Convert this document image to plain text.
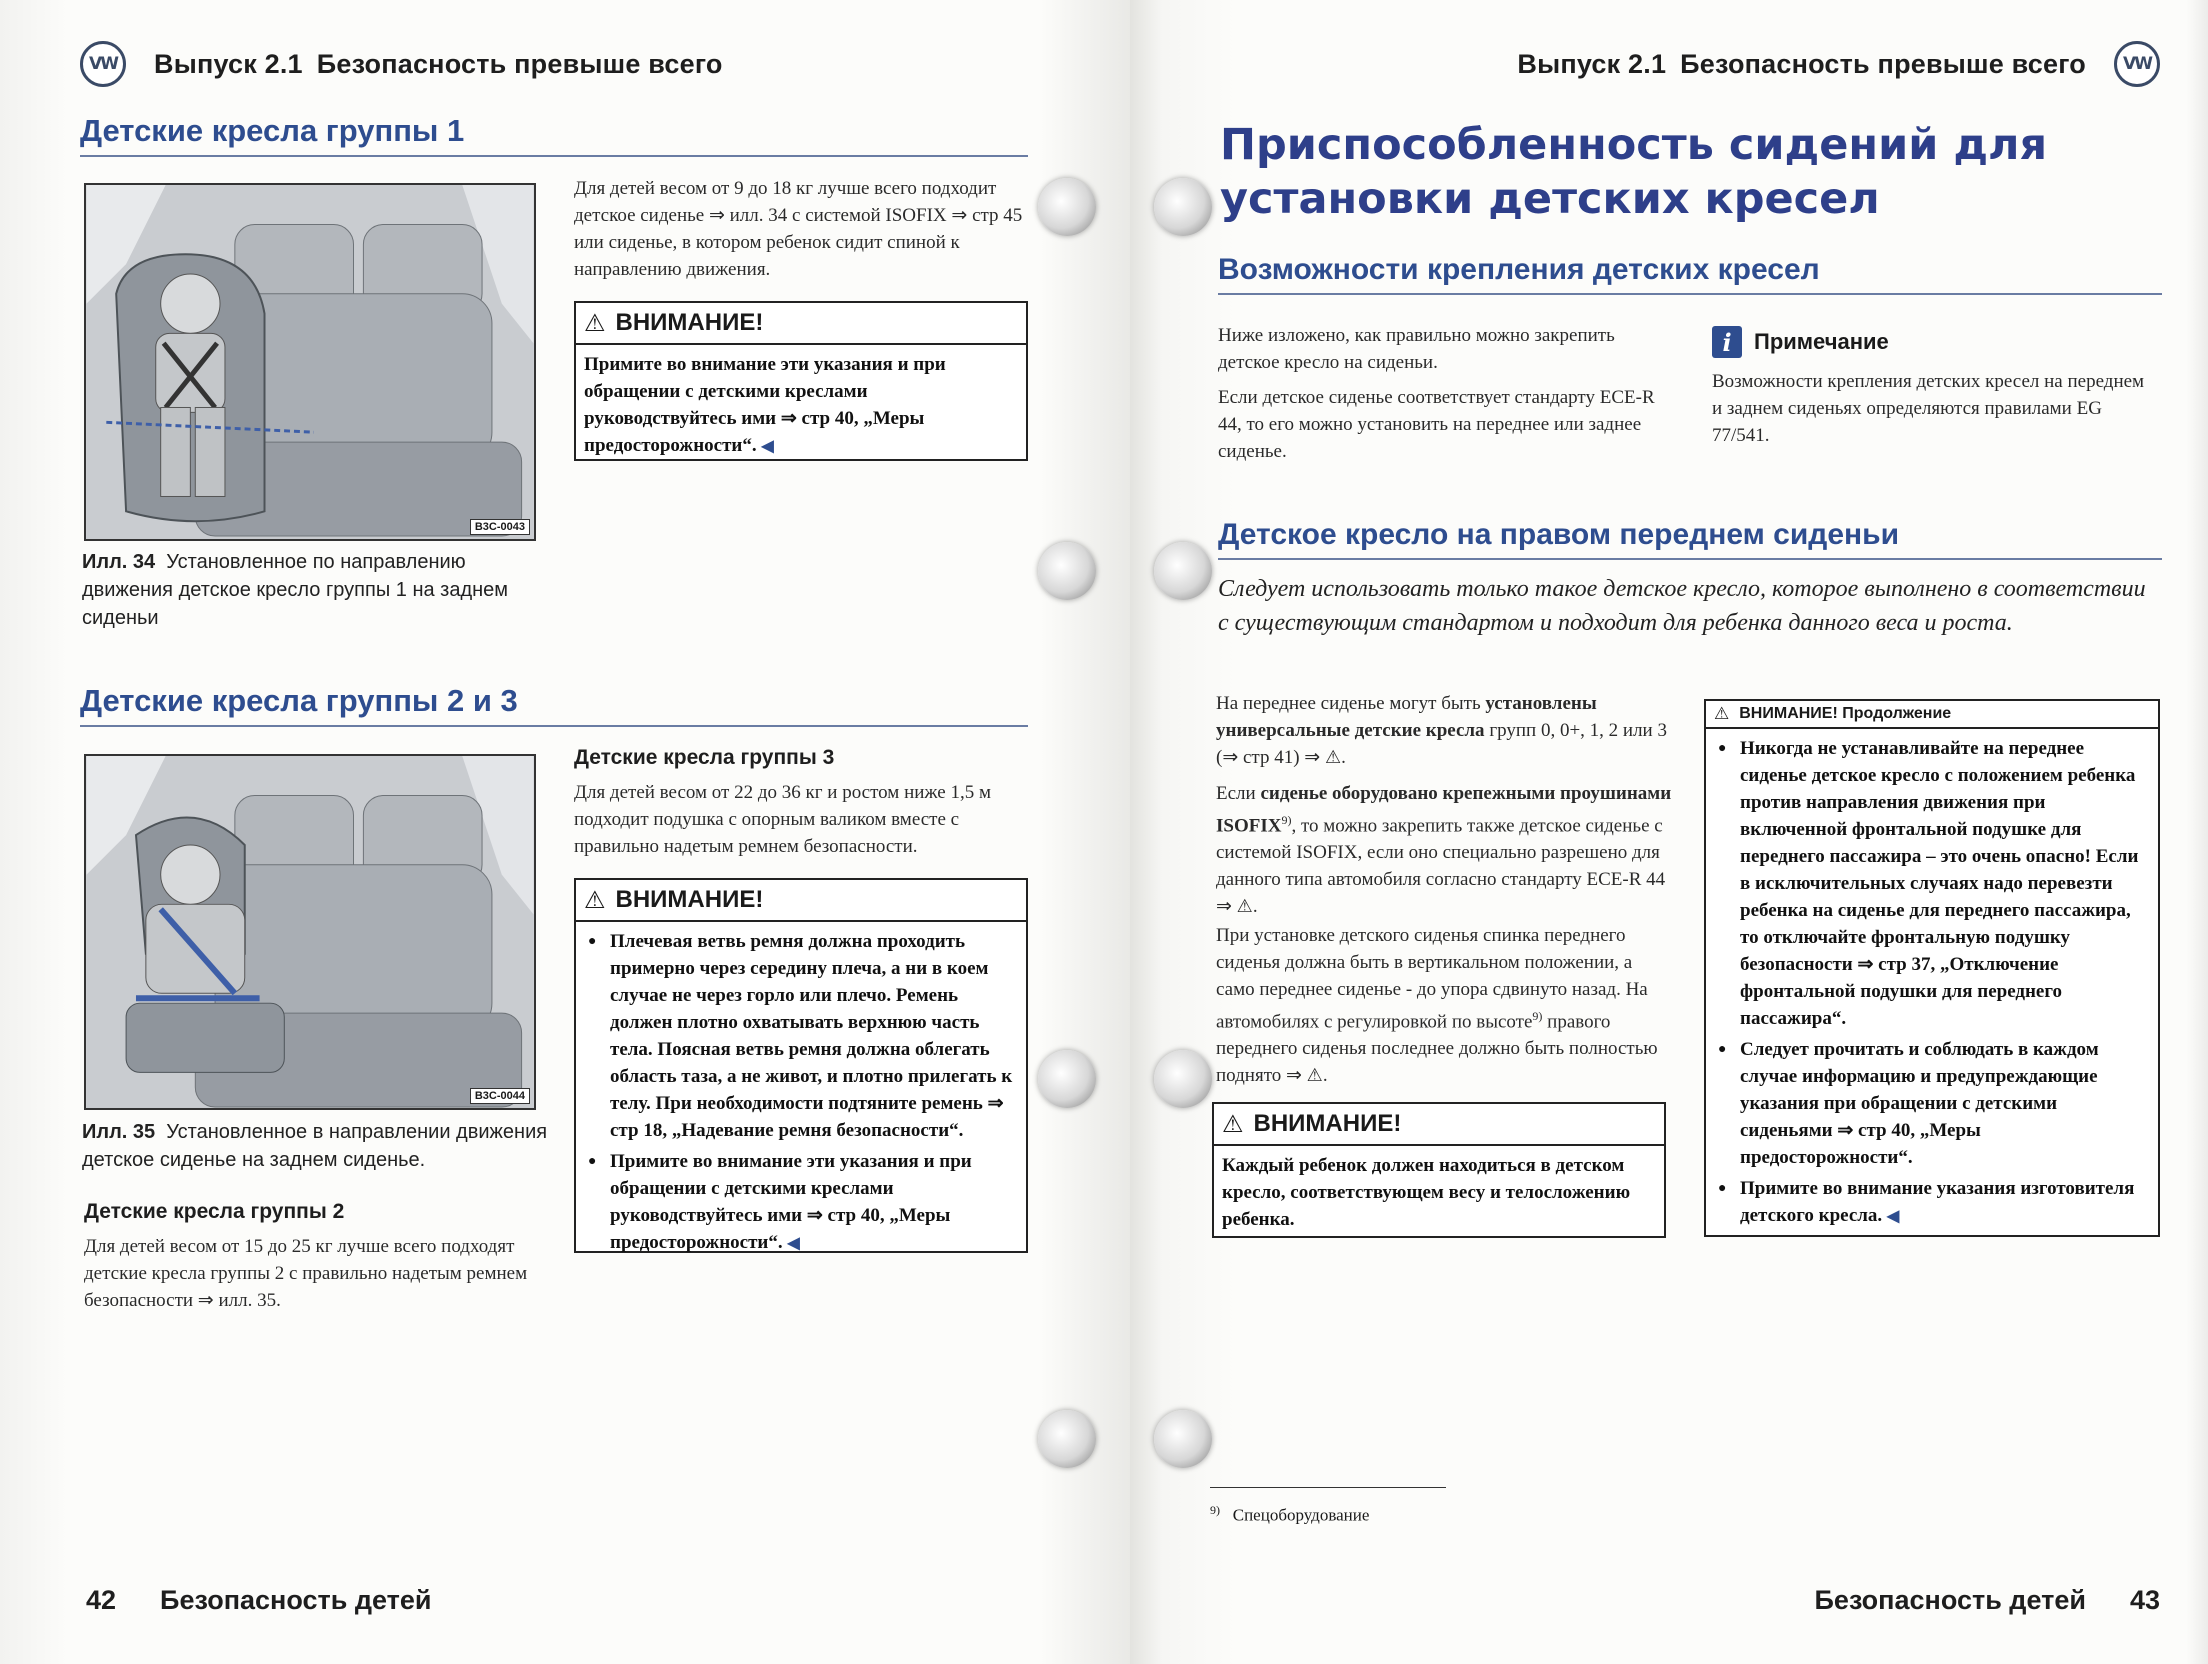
VW
Выпуск 2.1 Безопасность превыше всего
Детские кресла группы 1
B3C-0043
Илл. 34 Установленное по направлению движения детское кресло группы 1 на заднем сиденьи
Для детей весом от 9 до 18 кг лучше всего подходит детское сиденье ⇒ илл. 34 с системой ISOFIX ⇒ стр 45 или сиденье, в котором ребенок сидит спиной к направлению движения.
⚠ ВНИМАНИЕ!
Примите во внимание эти указания и при обращении с детскими креслами руководствуйтесь ими ⇒ стр 40, „Меры предосторожности“. ◀
Детские кресла группы 2 и 3
B3C-0044
Илл. 35 Установленное в направлении движения детское сиденье на заднем сиденье.
Детские кресла группы 2
Для детей весом от 15 до 25 кг лучше всего подходят детские кресла группы 2 с правильно надетым ремнем безопасности ⇒ илл. 35.
Детские кресла группы 3
Для детей весом от 22 до 36 кг и ростом ниже 1,5 м подходит подушка с опорным валиком вместе с правильно надетым ремнем безопасности.
⚠ ВНИМАНИЕ!
● Плечевая ветвь ремня должна проходить примерно через середину плеча, а ни в коем случае не через горло или плечо. Ремень должен плотно охватывать верхнюю часть тела. Поясная ветвь ремня должна облегать область таза, а не живот, и плотно прилегать к телу. При необходимости подтяните ремень ⇒ стр 18, „Надевание ремня безопасности“.
● Примите во внимание эти указания и при обращении с детскими креслами руководствуйтесь ими ⇒ стр 40, „Меры предосторожности“. ◀
42 Безопасность детей
Выпуск 2.1 Безопасность превыше всего
VW
Приспособленность сидений для
установки детских кресел
Возможности крепления детских кресел
Ниже изложено, как правильно можно закрепить детское кресло на сиденьи.
Если детское сиденье соответствует стандарту ECE-R 44, то его можно установить на переднее или заднее сиденье.
i	Примечание
Возможности крепления детских кресел на переднем и заднем сиденьях определяются правилами EG 77/541.
Детское кресло на правом переднем сиденьи
Следует использовать только такое детское кресло, которое выполнено в соответствии с существующим стандартом и подходит для ребенка данного веса и роста.
На переднее сиденье могут быть установлены универсальные детские кресла групп 0, 0+, 1, 2 или 3 (⇒ стр 41) ⇒ ⚠.
Если сиденье оборудовано крепежными проушинами ISOFIX$^{9)}$, то можно закрепить также детское сиденье с системой ISOFIX, если оно специально разрешено для данного типа автомобиля согласно стандарту ECE-R 44 ⇒ ⚠.
При установке детского сиденья спинка переднего сиденья должна быть в вертикальном положении, а само переднее сиденье - до упора сдвинуто назад. На автомобилях с регулировкой по высоте$^{9)}$ правого переднего сиденья последнее должно быть полностью поднято ⇒ ⚠.
⚠ ВНИМАНИЕ!
Каждый ребенок должен находиться в детском кресло, соответствующем весу и телосложению ребенка.
⚠ ВНИМАНИЕ! Продолжение
● Никогда не устанавливайте на переднее сиденье детское кресло с положением ребенка против направления движения при включенной фронтальной подушке для переднего пассажира – это очень опасно! Если в исключительных случаях надо перевезти ребенка на сиденье для переднего пассажира, то отключайте фронтальную подушку безопасности ⇒ стр 37, „Отключение фронтальной подушки для переднего пассажира“.
● Следует прочитать и соблюдать в каждом случае информацию и предупреждающие указания при обращении с детскими сиденьями ⇒ стр 40, „Меры предосторожности“.
● Примите во внимание указания изготовителя детского кресла. ◀
$^{9)}$ Спецоборудование
Безопасность детей 43
